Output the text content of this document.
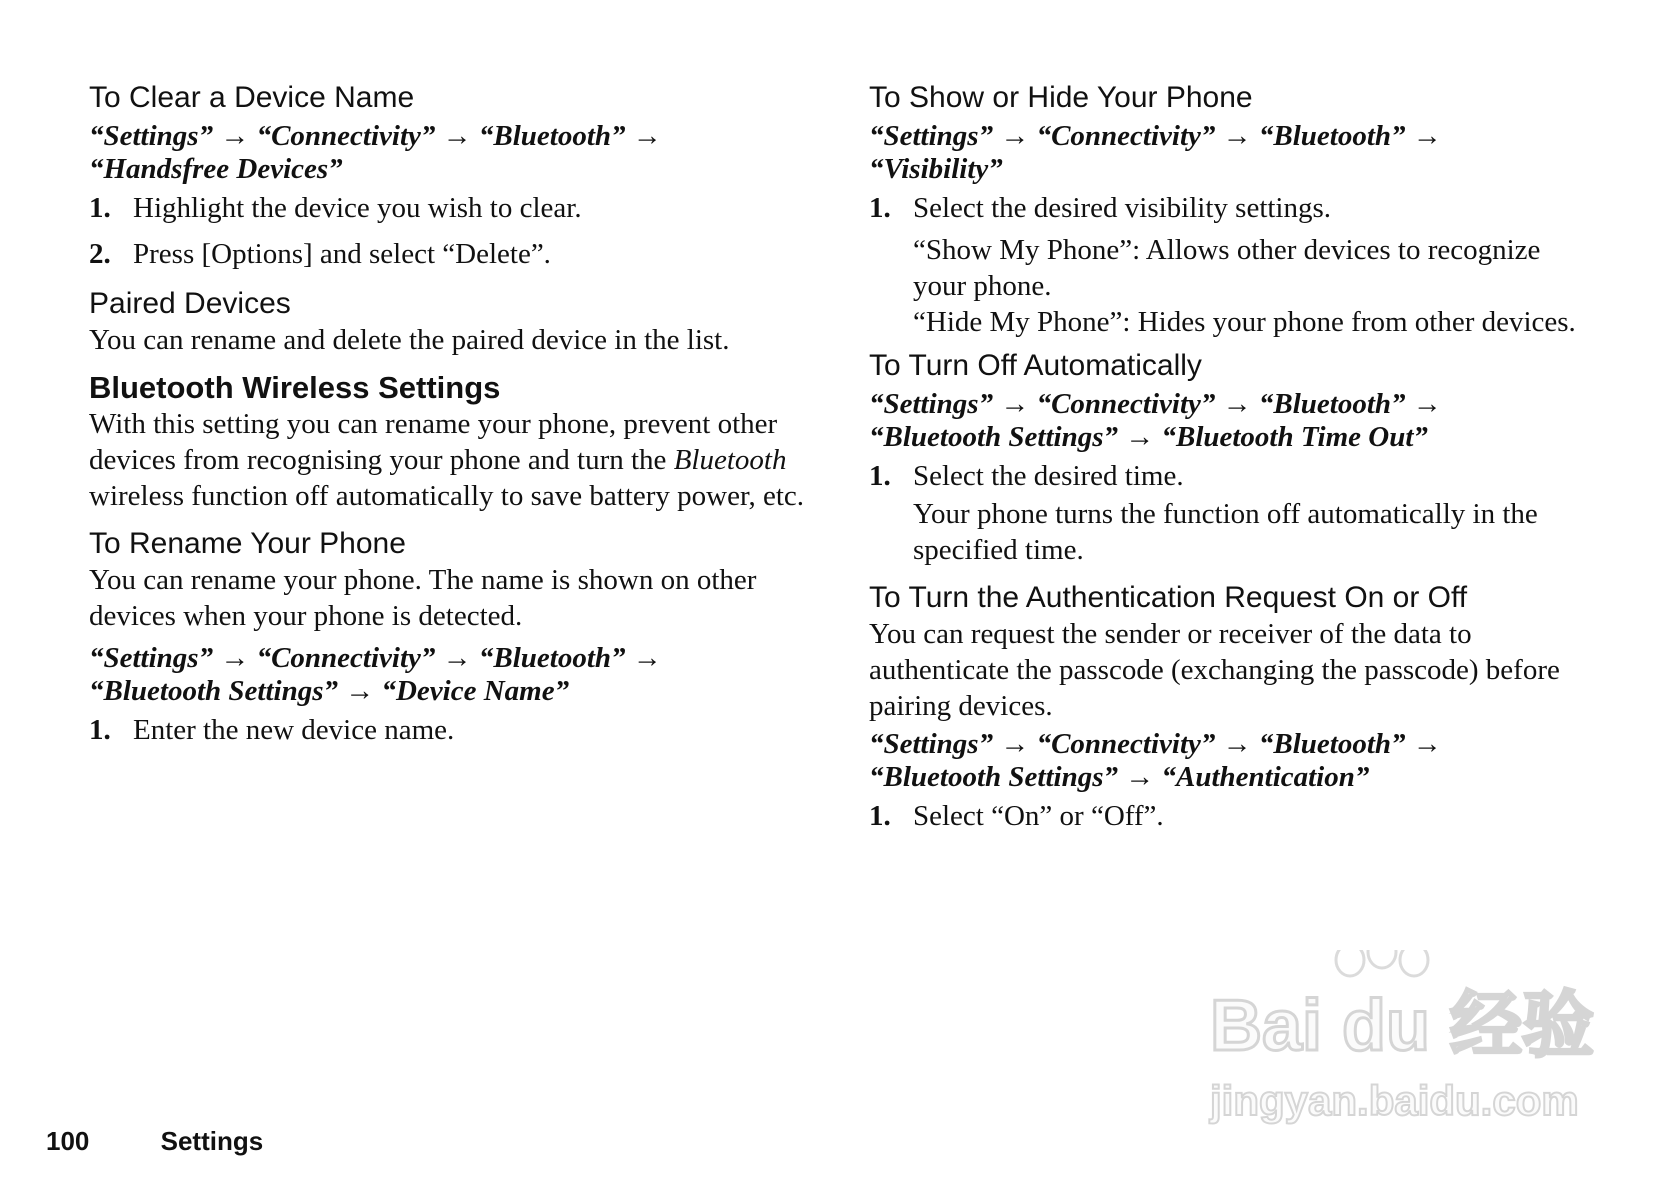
To Clear a Device Name

“Settings” → “Connectivity” → “Bluetooth” →
“Handsfree Devices”
1. Highlight the device you wish to clear.
2. Press [Options] and select “Delete”.

Paired Devices

You can rename and delete the paired device in the list.

Bluetooth Wireless Settings

With this setting you can rename your phone, prevent other devices from recognising your phone and turn the Bluetooth wireless function off automatically to save battery power, etc.

To Rename Your Phone

You can rename your phone. The name is shown on other devices when your phone is detected.

“Settings” → “Connectivity” → “Bluetooth” →
“Bluetooth Settings” → “Device Name”
1. Enter the new device name.

To Show or Hide Your Phone

“Settings” → “Connectivity” → “Bluetooth” →
“Visibility”
1. Select the desired visibility settings.
“Show My Phone”: Allows other devices to recognize your phone.
“Hide My Phone”: Hides your phone from other devices.

To Turn Off Automatically

“Settings” → “Connectivity” → “Bluetooth” →
“Bluetooth Settings” → “Bluetooth Time Out”
1. Select the desired time.
Your phone turns the function off automatically in the specified time.

To Turn the Authentication Request On or Off

You can request the sender or receiver of the data to authenticate the passcode (exchanging the passcode) before pairing devices.

“Settings” → “Connectivity” → “Bluetooth” →
“Bluetooth Settings” → “Authentication”
1. Select “On” or “Off”.
100	Settings
Bai du 经验
jingyan.baidu.com
